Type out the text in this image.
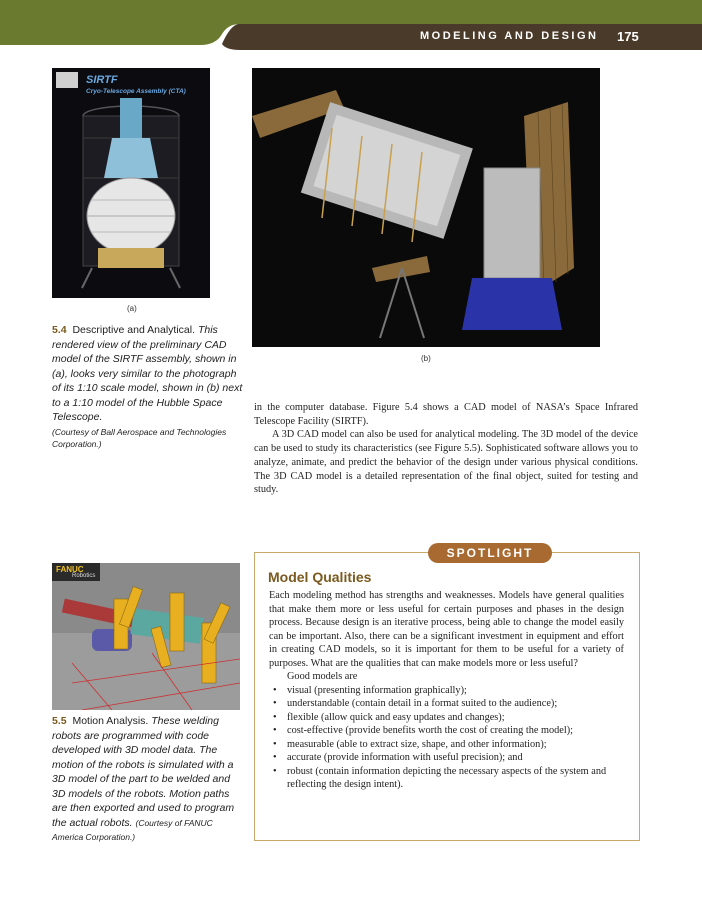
MODELING AND DESIGN 175
SIRTF
Cryo-Telescope Assembly (CTA)
(a)
(b)
5.4 Descriptive and Analytical. This rendered view of the preliminary CAD model of the SIRTF assembly, shown in (a), looks very similar to the photograph of its 1:10 scale model, shown in (b) next to a 1:10 model of the Hubble Space Telescope.
(Courtesy of Ball Aerospace and Technologies Corporation.)

in the computer database. Figure 5.4 shows a CAD model of NASA’s Space Infrared Telescope Facility (SIRTF).

A 3D CAD model can also be used for analytical modeling. The 3D model of the device can be used to study its characteristics (see Figure 5.5). Sophisticated software allows you to analyze, animate, and predict the behavior of the design under various physical conditions. The 3D CAD model is a detailed representation of the final object, suited for testing and study.

FANUC
Robotics
5.5 Motion Analysis. These welding robots are programmed with code developed with 3D model data. The motion of the robots is simulated with a 3D model of the part to be welded and 3D models of the robots. Motion paths are then exported and used to program the actual robots. (Courtesy of FANUC America Corporation.)
SPOTLIGHT
Model Qualities

Each modeling method has strengths and weaknesses. Models have general qualities that make them more or less useful for certain purposes and phases in the design process. Because design is an iterative process, being able to change the model easily can be important. Also, there can be a significant investment in equipment and effort in creating CAD models, so it is important for them to be useful for a variety of purposes. What are the qualities that can make models more or less useful?

Good models are

• visual (presenting information graphically);
• understandable (contain detail in a format suited to the audience);
• flexible (allow quick and easy updates and changes);
• cost-effective (provide benefits worth the cost of creating the model);
• measurable (able to extract size, shape, and other information);
• accurate (provide information with useful precision); and
• robust (contain information depicting the necessary aspects of the system and reflecting the design intent).
